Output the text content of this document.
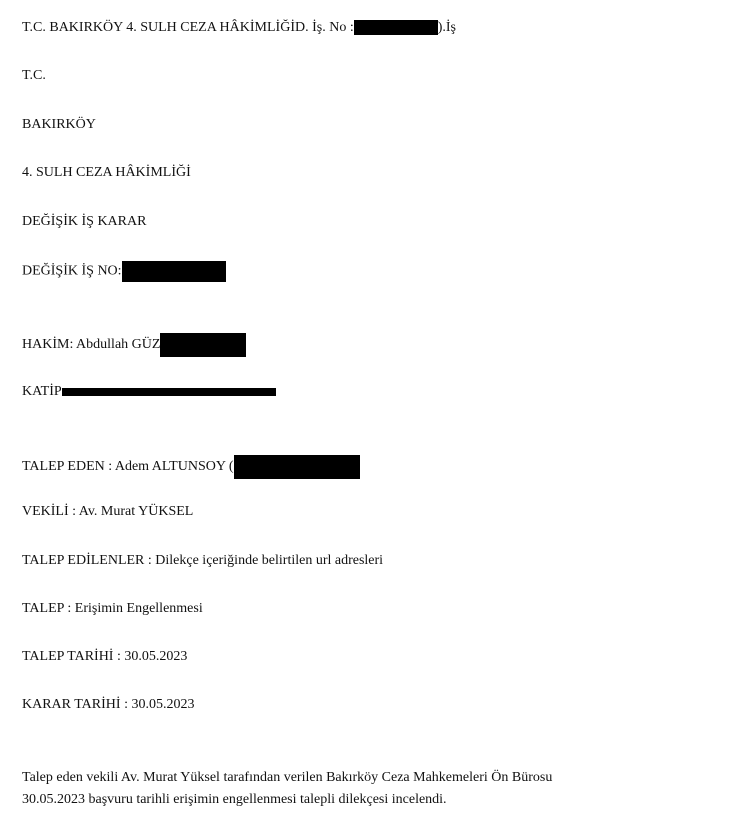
T.C. BAKIRKÖY 4. SULH CEZA HÂKİMLİĞİD. İş. No :	).İş
T.C.
BAKIRKÖY
4. SULH CEZA HÂKİMLİĞİ
DEĞİŞİK İŞ KARAR
DEĞİŞİK İŞ NO:
HAKİM: Abdullah GÜZ
KATİP
TALEP EDEN : Adem ALTUNSOY (
VEKİLİ : Av. Murat YÜKSEL
TALEP EDİLENLER : Dilekçe içeriğinde belirtilen url adresleri
TALEP : Erişimin Engellenmesi
TALEP TARİHİ : 30.05.2023
KARAR TARİHİ : 30.05.2023
Talep eden vekili Av. Murat Yüksel tarafından verilen Bakırköy Ceza Mahkemeleri Ön Bürosu
30.05.2023 başvuru tarihli erişimin engellenmesi talepli dilekçesi incelendi.
